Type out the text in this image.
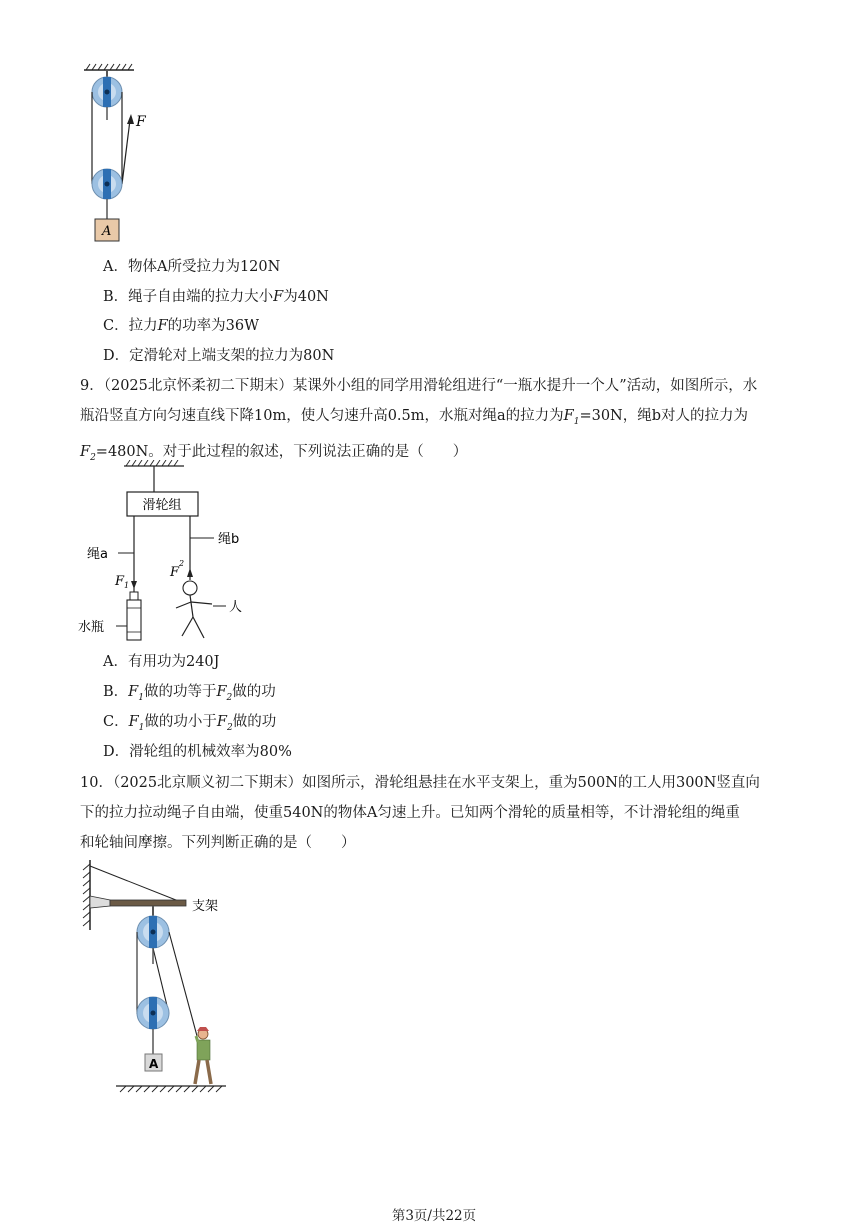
F
A
A．物体A所受拉力为120N
B．绳子自由端的拉力大小F为40N
C．拉力F的功率为36W
D．定滑轮对上端支架的拉力为80N
9．（2025北京怀柔初二下期末）某课外小组的同学用滑轮组进行“一瓶水提升一个人”活动，如图所示，水
瓶沿竖直方向匀速直线下降10m，使人匀速升高0.5m，水瓶对绳a的拉力为$F_1=30N$，绳b对人的拉力为
$F_2=480N$。对于此过程的叙述，下列说法正确的是（　　）
滑轮组
绳a
F 1
水瓶
绳b
F
2
人
A．有用功为240J
B．$F_1$做的功等于$F_2$做的功
C．$F_1$做的功小于$F_2$做的功
D．滑轮组的机械效率为80%
10．（2025北京顺义初二下期末）如图所示，滑轮组悬挂在水平支架上，重为500N的工人用300N竖直向
下的拉力拉动绳子自由端，使重540N的物体A匀速上升。已知两个滑轮的质量相等，不计滑轮组的绳重
和轮轴间摩擦。下列判断正确的是（　　）
支架
A
第3页/共22页
